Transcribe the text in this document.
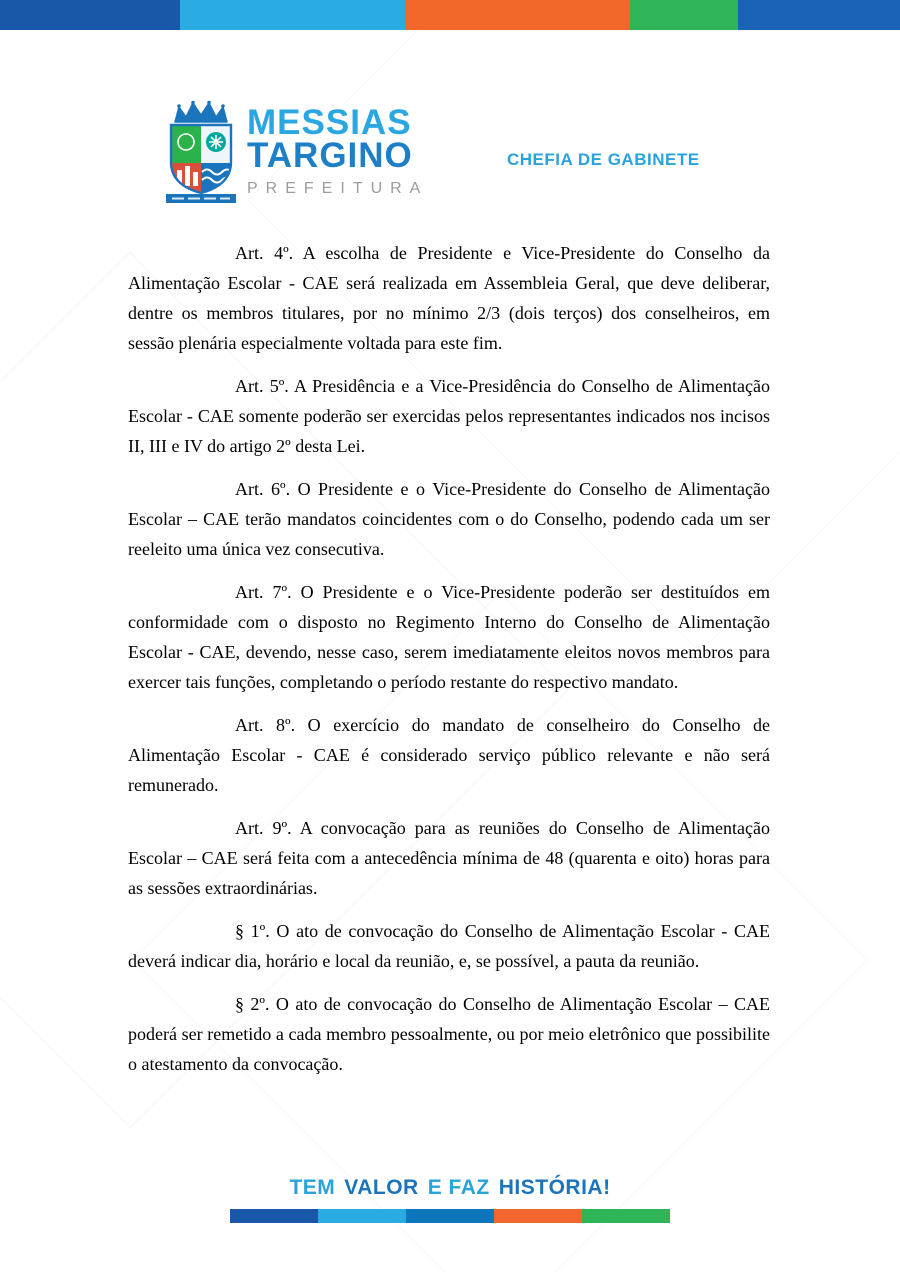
MESSIAS
TARGINO
PREFEITURA
CHEFIA DE GABINETE

Art. 4º. A escolha de Presidente e Vice-Presidente do Conselho da Alimentação Escolar - CAE será realizada em Assembleia Geral, que deve deliberar, dentre os membros titulares, por no mínimo 2/3 (dois terços) dos conselheiros, em sessão plenária especialmente voltada para este fim.

Art. 5º. A Presidência e a Vice-Presidência do Conselho de Alimentação Escolar - CAE somente poderão ser exercidas pelos representantes indicados nos incisos II, III e IV do artigo 2º desta Lei.

Art. 6º. O Presidente e o Vice-Presidente do Conselho de Alimentação Escolar – CAE terão mandatos coincidentes com o do Conselho, podendo cada um ser reeleito uma única vez consecutiva.

Art. 7º. O Presidente e o Vice-Presidente poderão ser destituídos em conformidade com o disposto no Regimento Interno do Conselho de Alimentação Escolar - CAE, devendo, nesse caso, serem imediatamente eleitos novos membros para exercer tais funções, completando o período restante do respectivo mandato.

Art. 8º. O exercício do mandato de conselheiro do Conselho de Alimentação Escolar - CAE é considerado serviço público relevante e não será remunerado.

Art. 9º. A convocação para as reuniões do Conselho de Alimentação Escolar – CAE será feita com a antecedência mínima de 48 (quarenta e oito) horas para as sessões extraordinárias.

§ 1º. O ato de convocação do Conselho de Alimentação Escolar - CAE deverá indicar dia, horário e local da reunião, e, se possível, a pauta da reunião.

§ 2º. O ato de convocação do Conselho de Alimentação Escolar – CAE poderá ser remetido a cada membro pessoalmente, ou por meio eletrônico que possibilite o atestamento da convocação.

TEM VALOR E FAZ HISTÓRIA!
